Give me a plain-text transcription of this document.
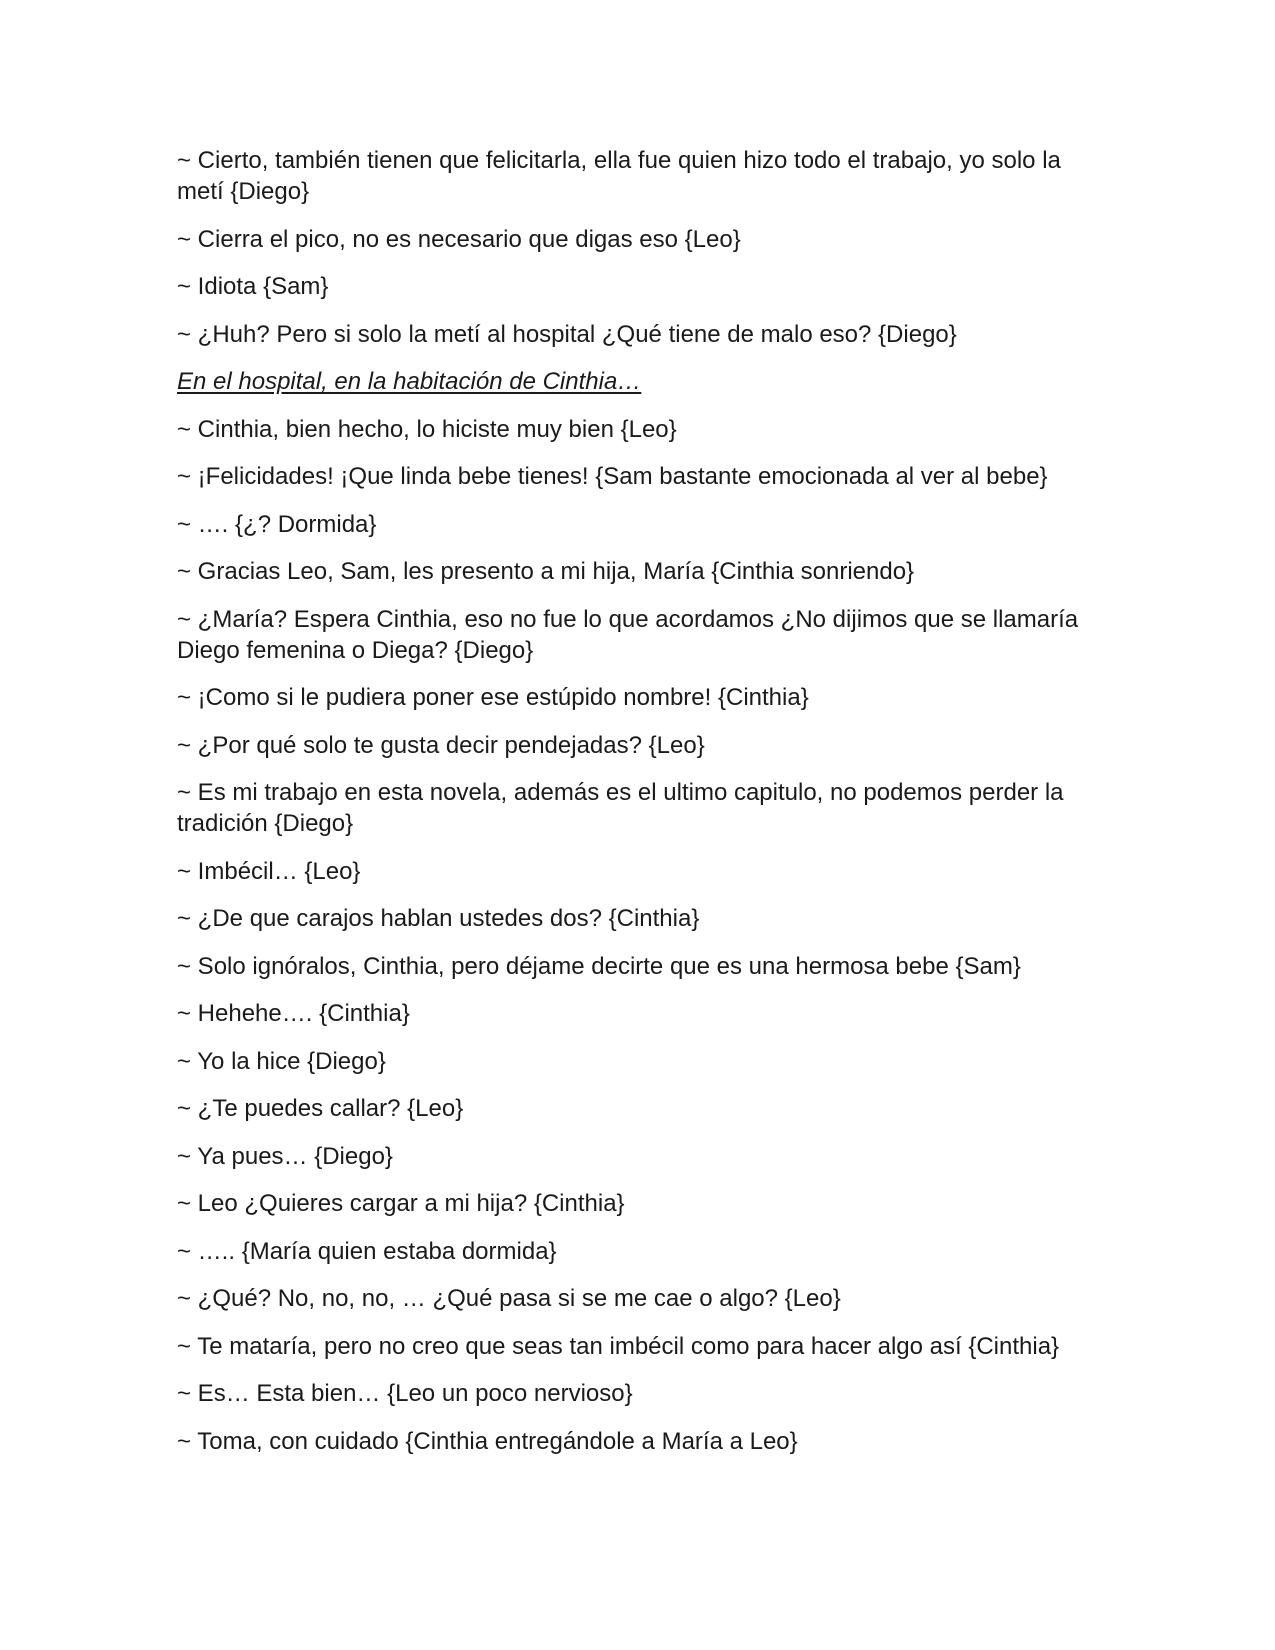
~ Cierto, también tienen que felicitarla, ella fue quien hizo todo el trabajo, yo solo la metí {Diego}

~ Cierra el pico, no es necesario que digas eso {Leo}

~ Idiota {Sam}

~ ¿Huh? Pero si solo la metí al hospital ¿Qué tiene de malo eso? {Diego}

En el hospital, en la habitación de Cinthia…

~ Cinthia, bien hecho, lo hiciste muy bien {Leo}

~ ¡Felicidades! ¡Que linda bebe tienes! {Sam bastante emocionada al ver al bebe}

~ …. {¿? Dormida}

~ Gracias Leo, Sam, les presento a mi hija, María {Cinthia sonriendo}

~ ¿María? Espera Cinthia, eso no fue lo que acordamos ¿No dijimos que se llamaría Diego femenina o Diega? {Diego}

~ ¡Como si le pudiera poner ese estúpido nombre! {Cinthia}

~ ¿Por qué solo te gusta decir pendejadas? {Leo}

~ Es mi trabajo en esta novela, además es el ultimo capitulo, no podemos perder la tradición {Diego}

~ Imbécil… {Leo}

~ ¿De que carajos hablan ustedes dos? {Cinthia}

~ Solo ignóralos, Cinthia, pero déjame decirte que es una hermosa bebe {Sam}

~ Hehehe…. {Cinthia}

~ Yo la hice {Diego}

~ ¿Te puedes callar? {Leo}

~ Ya pues… {Diego}

~ Leo ¿Quieres cargar a mi hija? {Cinthia}

~ ….. {María quien estaba dormida}

~ ¿Qué? No, no, no, … ¿Qué pasa si se me cae o algo? {Leo}

~ Te mataría, pero no creo que seas tan imbécil como para hacer algo así {Cinthia}

~ Es… Esta bien… {Leo un poco nervioso}

~ Toma, con cuidado {Cinthia entregándole a María a Leo}
